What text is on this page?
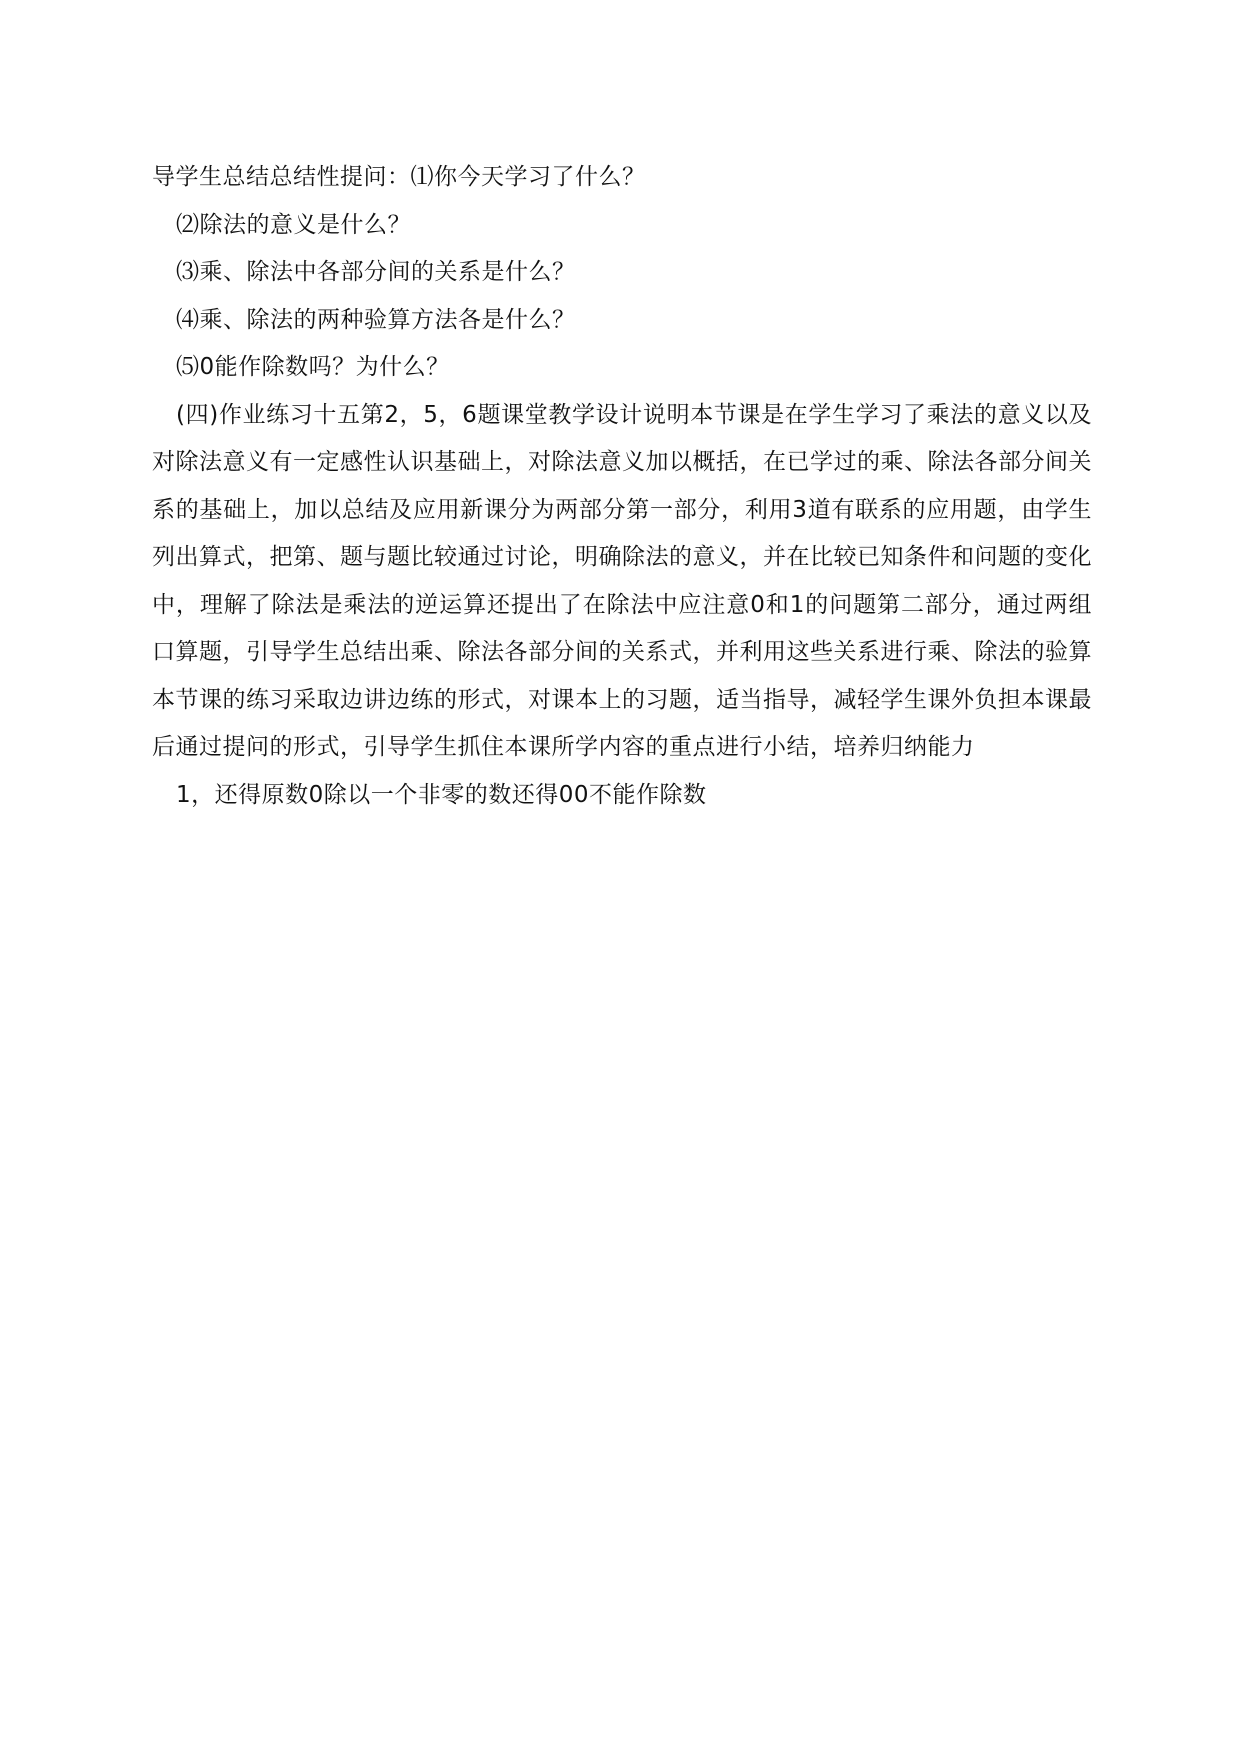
导学生总结总结性提问：⑴你今天学习了什么？
⑵除法的意义是什么？
⑶乘、除法中各部分间的关系是什么？
⑷乘、除法的两种验算方法各是什么？
⑸0能作除数吗？为什么？
(四)作业练习十五第2，5，6题课堂教学设计说明本节课是在学生学习了乘法的意义以及对除法意义有一定感性认识基础上，对除法意义加以概括，在已学过的乘、除法各部分间关系的基础上，加以总结及应用新课分为两部分第一部分，利用3道有联系的应用题，由学生列出算式，把第、题与题比较通过讨论，明确除法的意义，并在比较已知条件和问题的变化中，理解了除法是乘法的逆运算还提出了在除法中应注意0和1的问题第二部分，通过两组口算题，引导学生总结出乘、除法各部分间的关系式，并利用这些关系进行乘、除法的验算本节课的练习采取边讲边练的形式，对课本上的习题，适当指导，减轻学生课外负担本课最后通过提问的形式，引导学生抓住本课所学内容的重点进行小结，培养归纳能力
1，还得原数0除以一个非零的数还得00不能作除数
